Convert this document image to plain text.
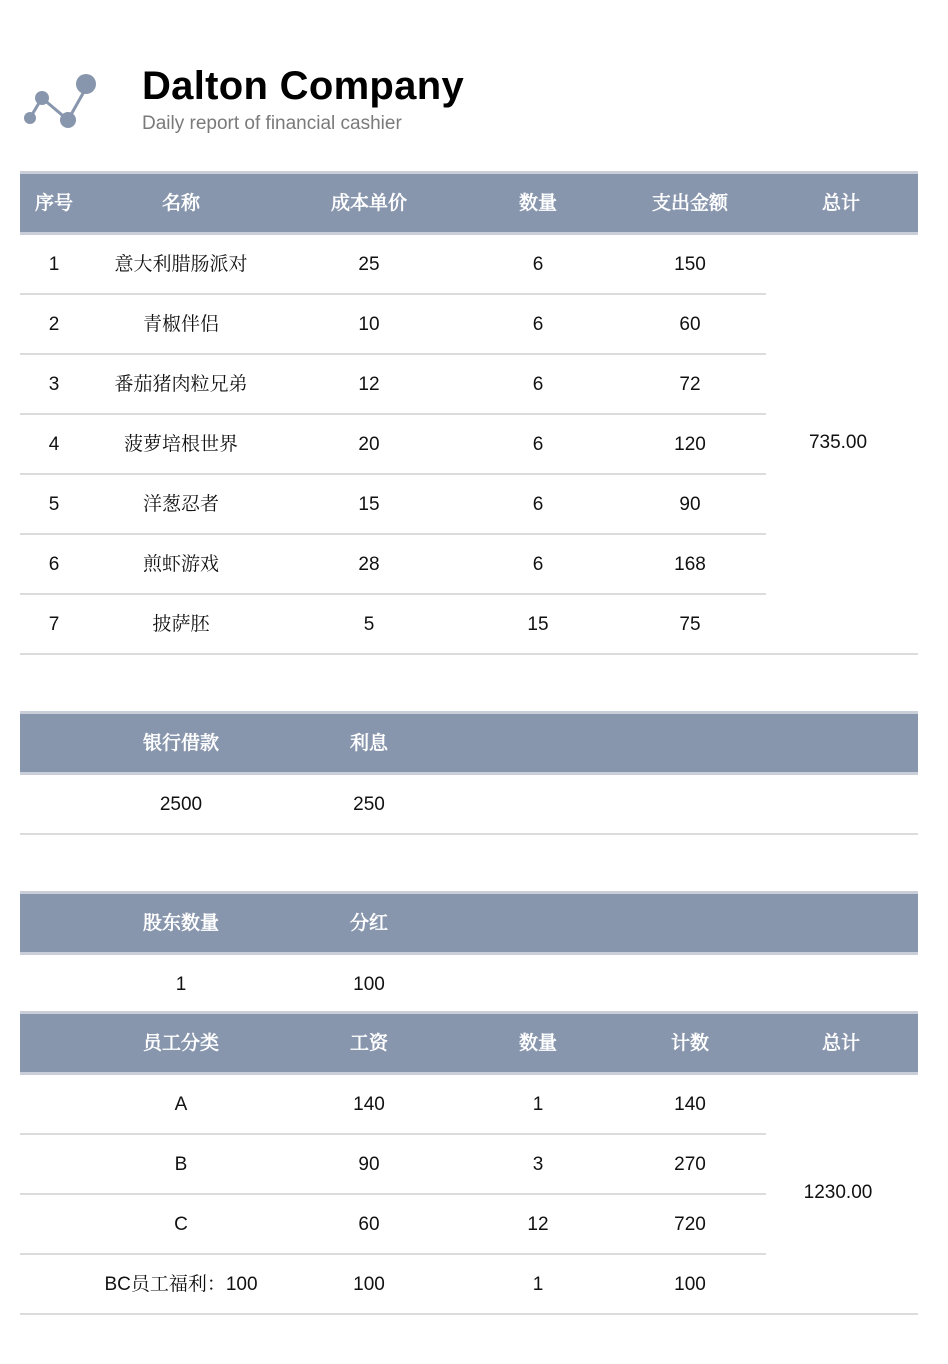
Dalton Company
Daily report of financial cashier
序号	名称	成本单价	数量	支出金额	总计
1	意大利腊肠派对	25	6	150
2	青椒伴侣	10	6	60
3	番茄猪肉粒兄弟	12	6	72
4	菠萝培根世界	20	6	120
5	洋葱忍者	15	6	90
6	煎虾游戏	28	6	168
7	披萨胚	5	15	75
735.00
银行借款	利息
2500	250
股东数量	分红
1	100
员工分类	工资	数量	计数	总计
A	140	1	140
B	90	3	270
C	60	12	720
BC员工福利：100	100	1	100
1230.00
